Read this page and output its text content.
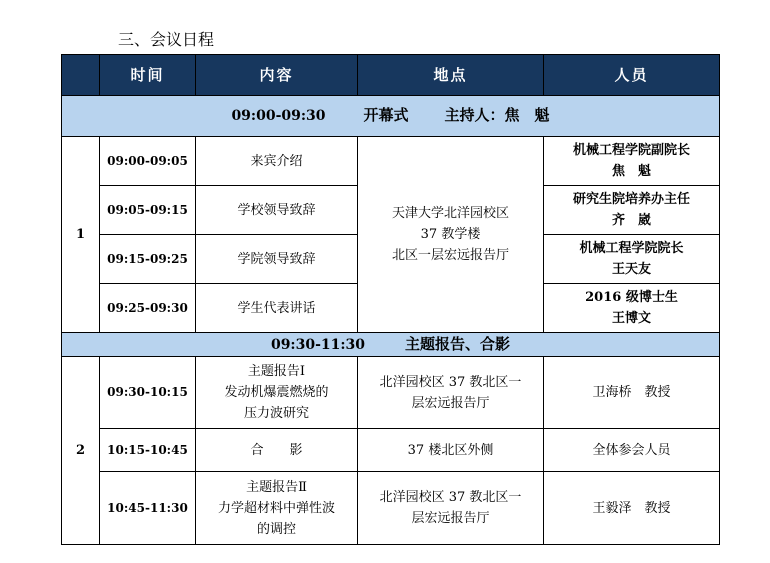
三、会议日程
	时间	内容	地点	人员
09:00-09:30 开幕式 主持人：焦　魁				
1	09:00-09:05	来宾介绍	天津大学北洋园校区
37 教学楼
北区一层宏远报告厅	机械工程学院副院长
焦　魁

	09:05-09:15	学校领导致辞		研究生院培养办主任
齐　崴

	09:15-09:25	学院领导致辞		机械工程学院院长
王天友

	09:25-09:30	学生代表讲话		2016 级博士生
王博文

09:30-11:30 主题报告、合影				
2	09:30-10:15	主题报告Ⅰ
发动机爆震燃烧的
压力波研究	北洋园校区 37 教北区一
层宏远报告厅	卫海桥　教授
	10:15-10:45	合　　影	37 楼北区外侧	全体参会人员
	10:45-11:30	主题报告Ⅱ
力学超材料中弹性波
的调控	北洋园校区 37 教北区一
层宏远报告厅	王毅泽　教授
